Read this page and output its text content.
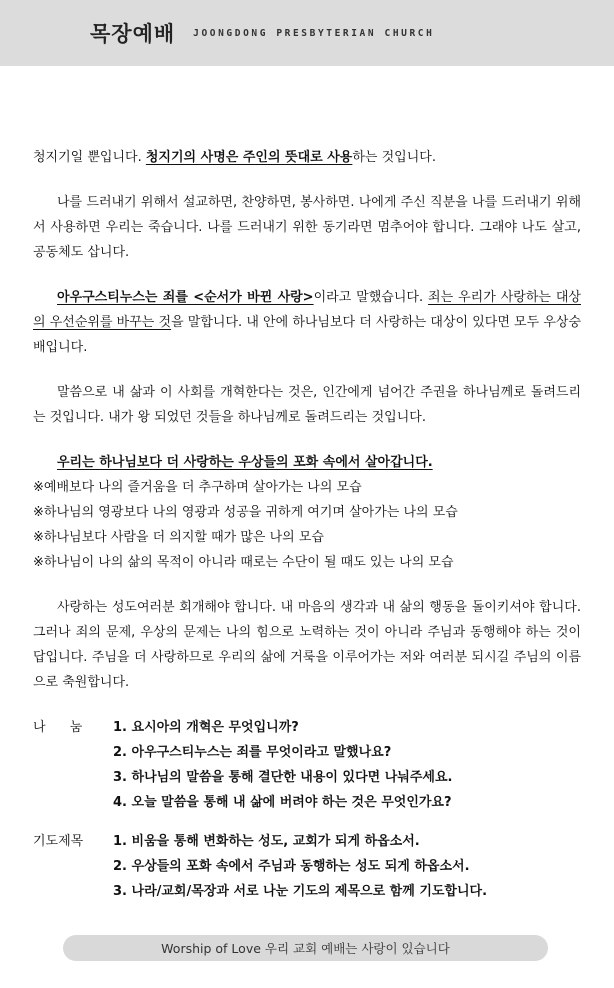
목장예배 JOONGDONG PRESBYTERIAN CHURCH

청지기일 뿐입니다. 청지기의 사명은 주인의 뜻대로 사용하는 것입니다.

나를 드러내기 위해서 설교하면, 찬양하면, 봉사하면. 나에게 주신 직분을 나를 드러내기 위해서 사용하면 우리는 죽습니다. 나를 드러내기 위한 동기라면 멈추어야 합니다. 그래야 나도 살고, 공동체도 삽니다.

아우구스티누스는 죄를 <순서가 바뀐 사랑>이라고 말했습니다. 죄는 우리가 사랑하는 대상의 우선순위를 바꾸는 것을 말합니다. 내 안에 하나님보다 더 사랑하는 대상이 있다면 모두 우상숭배입니다.

말씀으로 내 삶과 이 사회를 개혁한다는 것은, 인간에게 넘어간 주권을 하나님께로 돌려드리는 것입니다. 내가 왕 되었던 것들을 하나님께로 돌려드리는 것입니다.

우리는 하나님보다 더 사랑하는 우상들의 포화 속에서 살아갑니다.

※예배보다 나의 즐거움을 더 추구하며 살아가는 나의 모습

※하나님의 영광보다 나의 영광과 성공을 귀하게 여기며 살아가는 나의 모습

※하나님보다 사람을 더 의지할 때가 많은 나의 모습

※하나님이 나의 삶의 목적이 아니라 때로는 수단이 될 때도 있는 나의 모습

사랑하는 성도여러분 회개해야 합니다. 내 마음의 생각과 내 삶의 행동을 돌이키셔야 합니다. 그러나 죄의 문제, 우상의 문제는 나의 힘으로 노력하는 것이 아니라 주님과 동행해야 하는 것이 답입니다. 주님을 더 사랑하므로 우리의 삶에 거룩을 이루어가는 저와 여러분 되시길 주님의 이름으로 축원합니다.

나 눔	1. 요시아의 개혁은 무엇입니까?

2. 아우구스티누스는 죄를 무엇이라고 말했나요?

3. 하나님의 말씀을 통해 결단한 내용이 있다면 나눠주세요.

4. 오늘 말씀을 통해 내 삶에 버려야 하는 것은 무엇인가요?

기도제목	1. 비움을 통해 변화하는 성도, 교회가 되게 하옵소서.

2. 우상들의 포화 속에서 주님과 동행하는 성도 되게 하옵소서.

3. 나라/교회/목장과 서로 나눈 기도의 제목으로 함께 기도합니다.

Worship of Love 우리 교회 예배는 사랑이 있습니다
